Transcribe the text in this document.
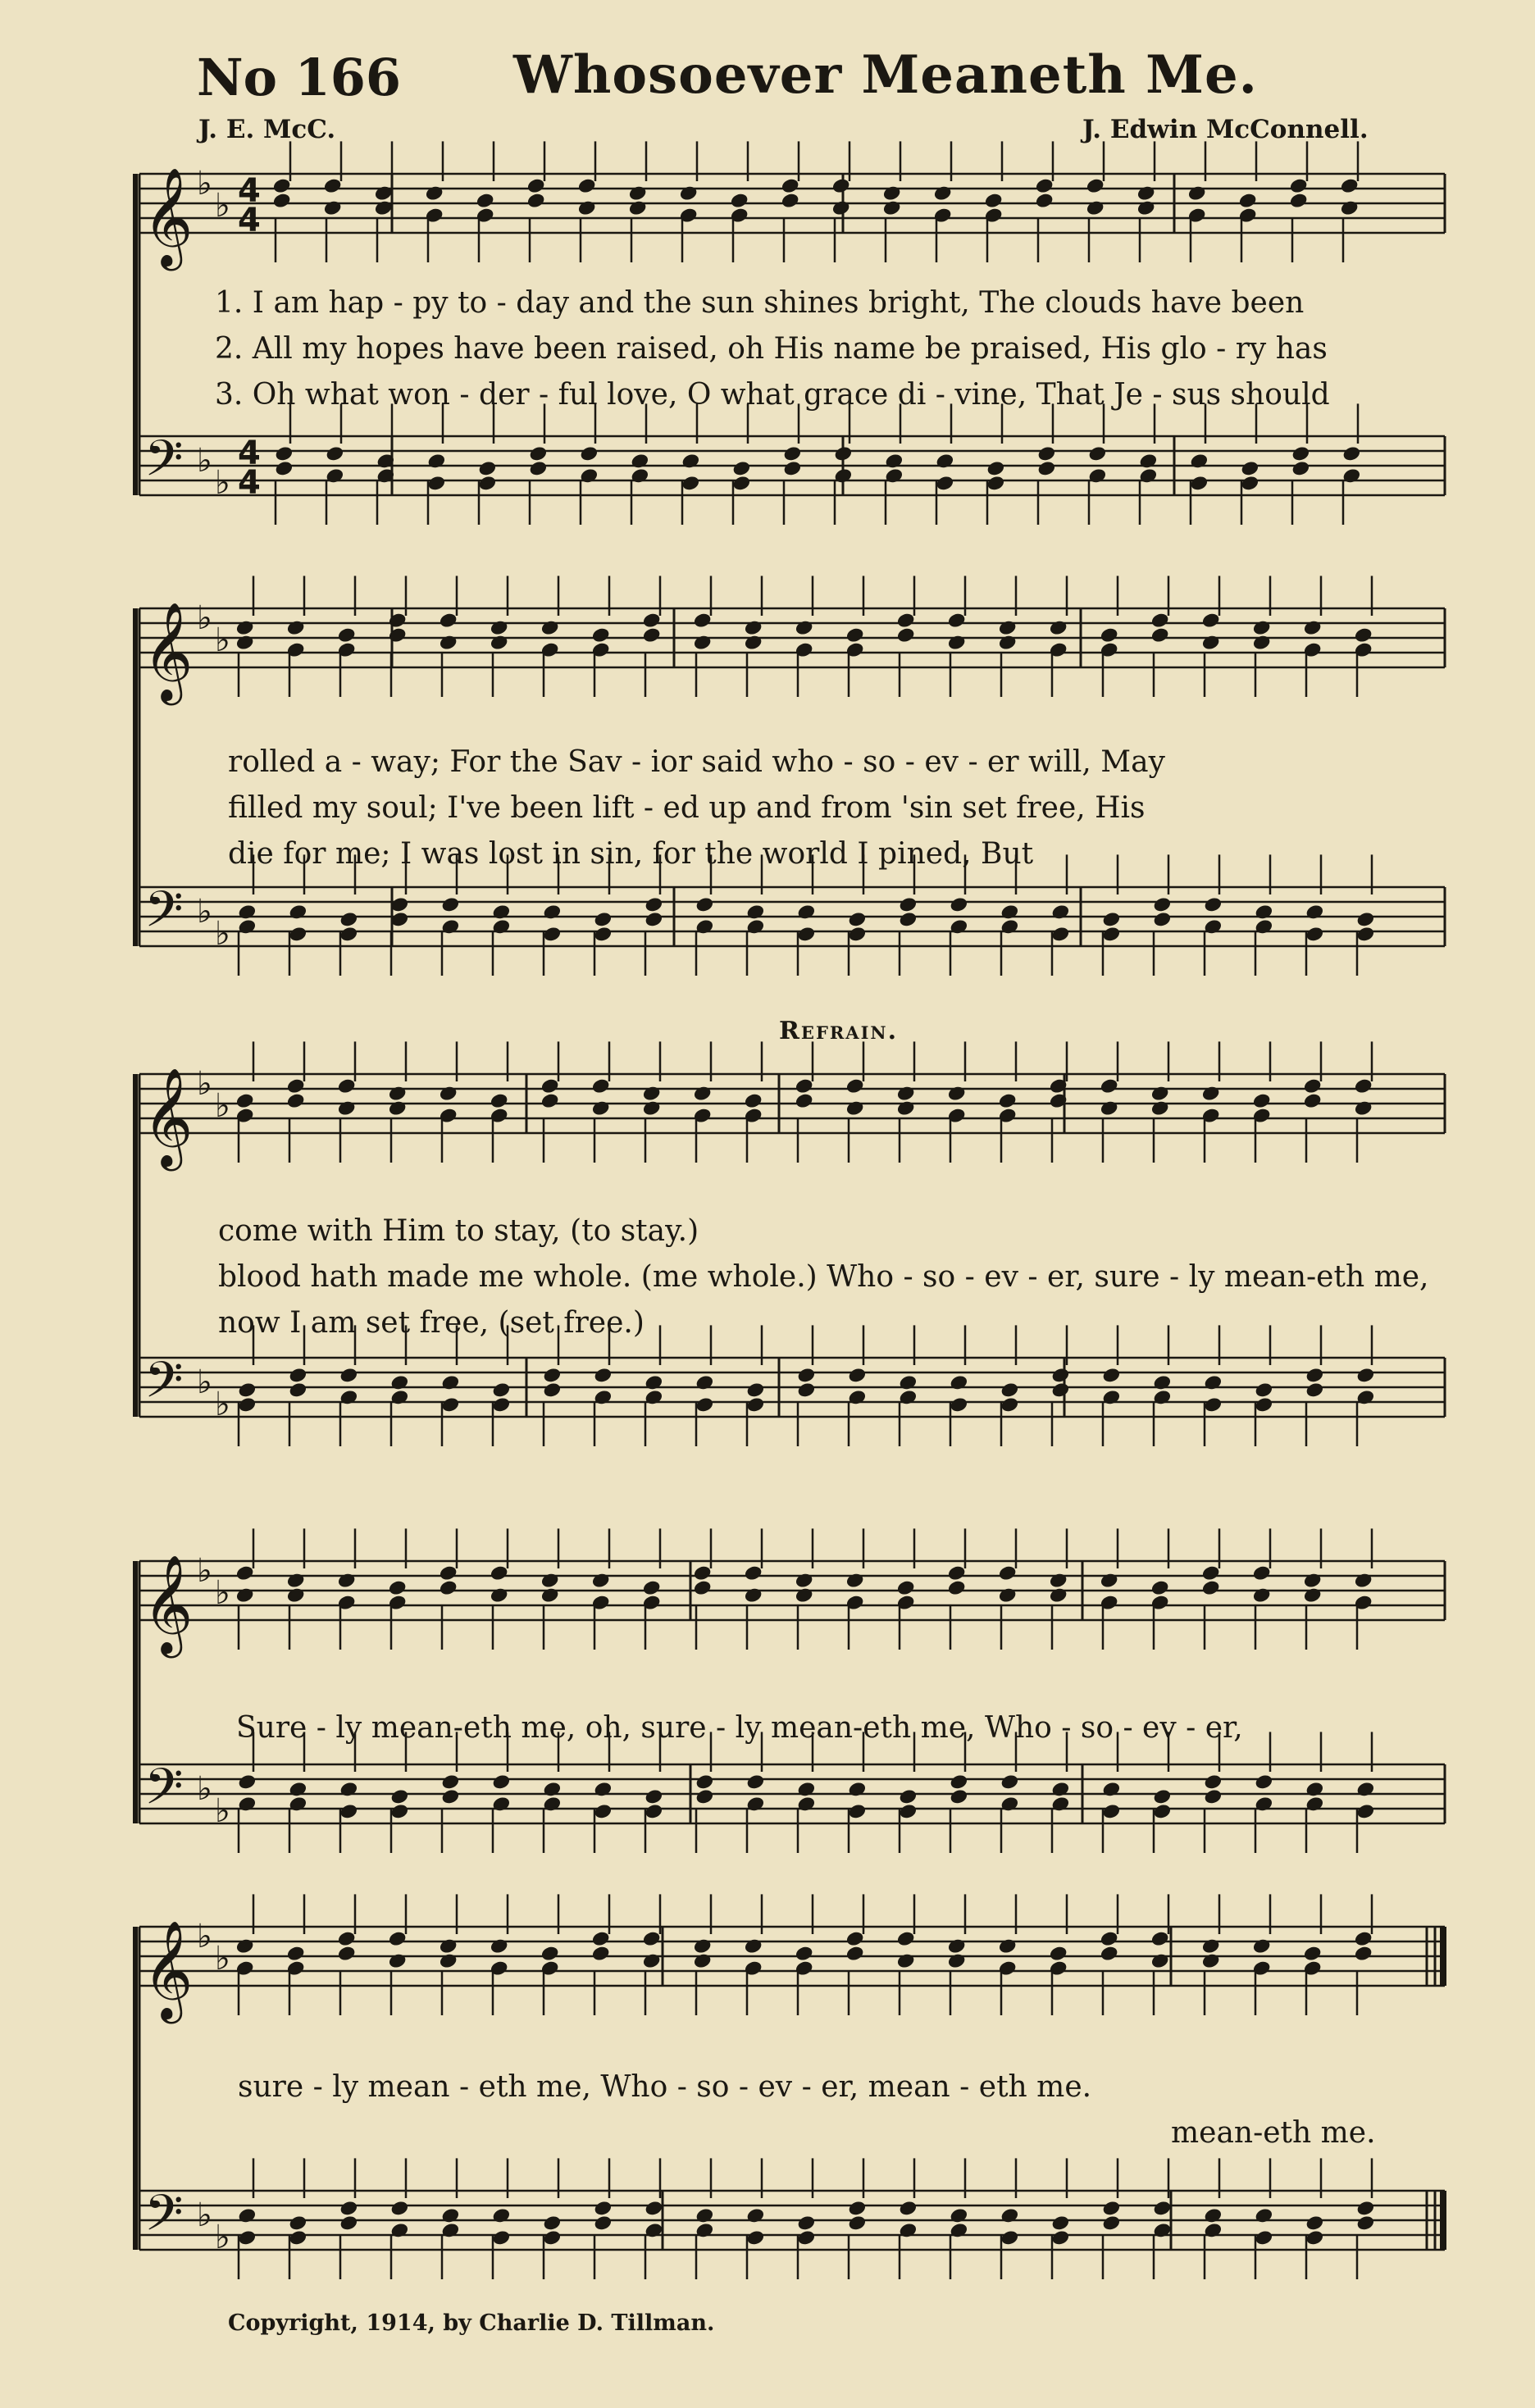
No 166 Whosoever Meaneth Me.
J. E. McC.	J. Edwin McConnell.
Refrain.
Copyright, 1914, by Charlie D. Tillman.
1. I am hap - py to - day and the sun shines bright, The clouds have been
2. All my hopes have been raised, oh His name be praised, His glo - ry has
3. Oh what won - der - ful love, O what grace di - vine, That Je - sus should
rolled a - way; For the Sav - ior said who - so - ev - er will, May
filled my soul; I've been lift - ed up and from 'sin set free, His
die for me; I was lost in sin, for the world I pined, But
come with Him to stay, (to stay.)
blood hath made me whole. (me whole.) Who - so - ev - er, sure - ly mean-eth me,
now I am set free, (set free.)
Sure - ly mean-eth me, oh, sure - ly mean-eth me, Who - so - ev - er,
sure - ly mean - eth me, Who - so - ev - er, mean - eth me.
mean-eth me.
𝄞
𝄢
♭
♭
♭
♭
4
4
4
4
𝄞
𝄢
♭
♭
♭
♭
𝄞
𝄢
♭
♭
♭
♭
𝄞
𝄢
♭
♭
♭
♭
𝄞
𝄢
♭
♭
♭
♭
